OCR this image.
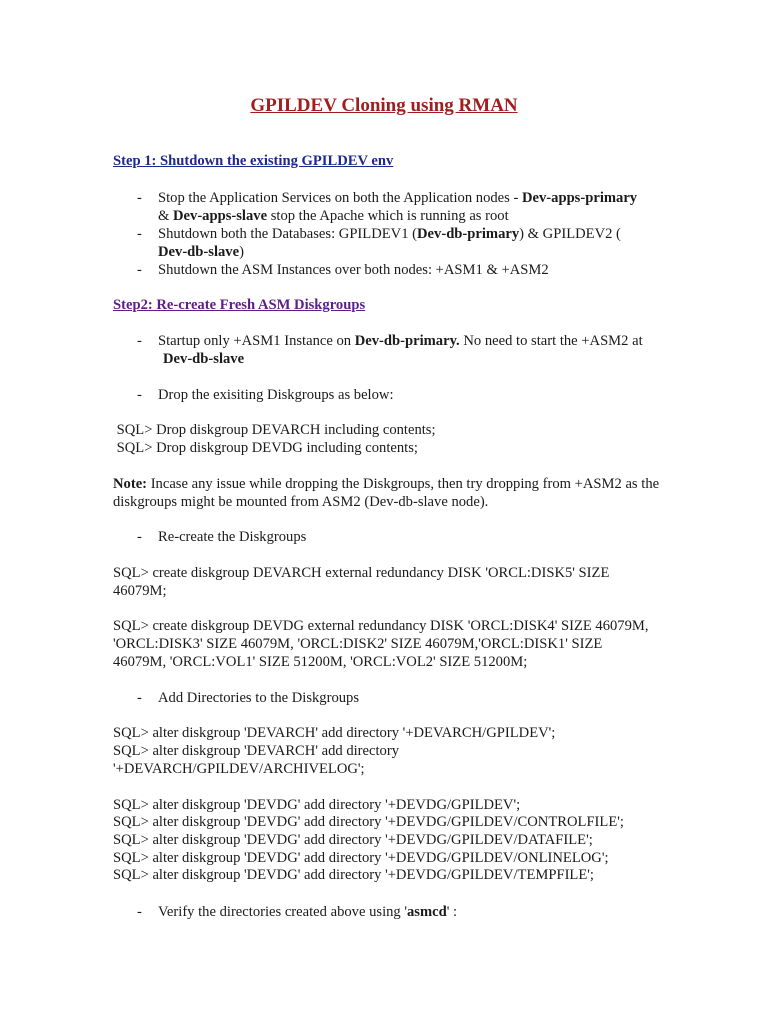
GPILDEV Cloning using RMAN
Step 1: Shutdown the existing GPILDEV env
- Stop the Application Services on both the Application nodes - Dev-apps-primary
& Dev-apps-slave stop the Apache which is running as root
- Shutdown both the Databases: GPILDEV1 (Dev-db-primary) & GPILDEV2 (
Dev-db-slave)
- Shutdown the ASM Instances over both nodes: +ASM1 & +ASM2
Step2: Re-create Fresh ASM Diskgroups
- Startup only +ASM1 Instance on Dev-db-primary. No need to start the +ASM2 at Dev-db-slave
- Drop the exisiting Diskgroups as below:
SQL> Drop diskgroup DEVARCH including contents;
SQL> Drop diskgroup DEVDG including contents;
Note: Incase any issue while dropping the Diskgroups, then try dropping from +ASM2 as the diskgroups might be mounted from ASM2 (Dev-db-slave node).
- Re-create the Diskgroups
SQL> create diskgroup DEVARCH external redundancy DISK 'ORCL:DISK5' SIZE 46079M;
SQL> create diskgroup DEVDG external redundancy DISK 'ORCL:DISK4' SIZE 46079M, 'ORCL:DISK3' SIZE 46079M, 'ORCL:DISK2' SIZE 46079M,'ORCL:DISK1' SIZE 46079M, 'ORCL:VOL1' SIZE 51200M, 'ORCL:VOL2' SIZE 51200M;
- Add Directories to the Diskgroups
SQL> alter diskgroup 'DEVARCH' add directory '+DEVARCH/GPILDEV';
SQL> alter diskgroup 'DEVARCH' add directory
'+DEVARCH/GPILDEV/ARCHIVELOG';
SQL> alter diskgroup 'DEVDG' add directory '+DEVDG/GPILDEV';
SQL> alter diskgroup 'DEVDG' add directory '+DEVDG/GPILDEV/CONTROLFILE';
SQL> alter diskgroup 'DEVDG' add directory '+DEVDG/GPILDEV/DATAFILE';
SQL> alter diskgroup 'DEVDG' add directory '+DEVDG/GPILDEV/ONLINELOG';
SQL> alter diskgroup 'DEVDG' add directory '+DEVDG/GPILDEV/TEMPFILE';
- Verify the directories created above using 'asmcd' :
